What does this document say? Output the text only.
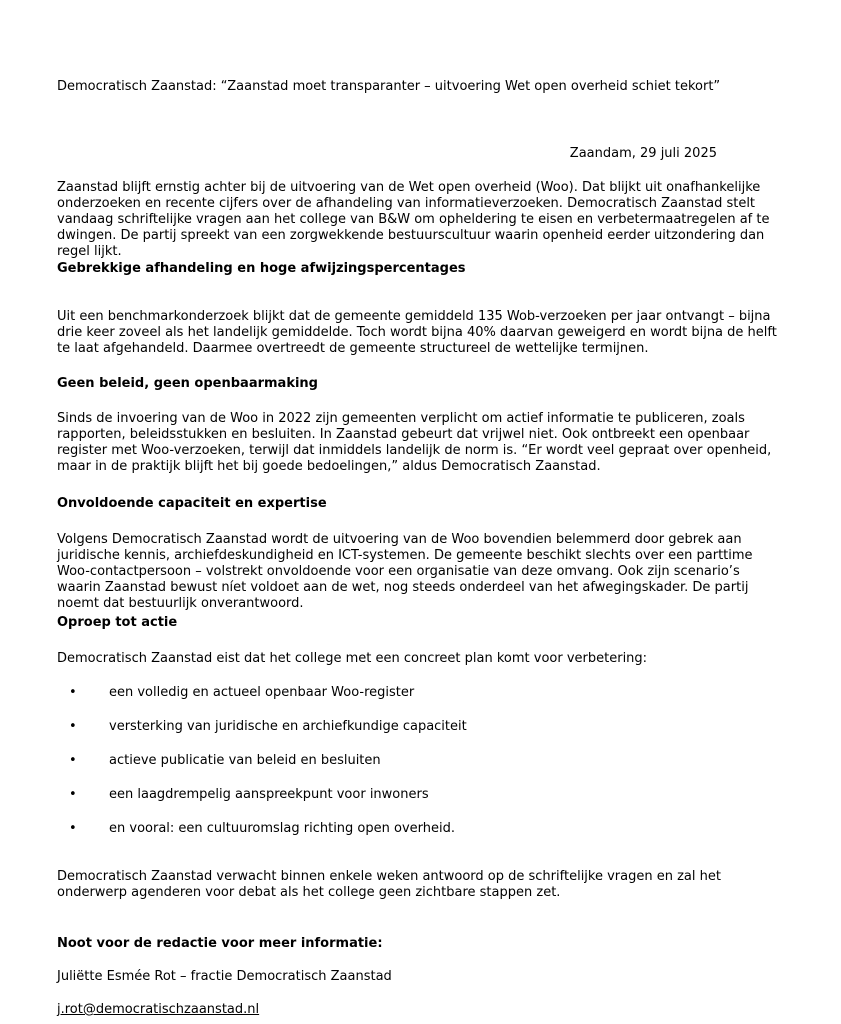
Democratisch Zaanstad: “Zaanstad moet transparanter – uitvoering Wet open overheid schiet tekort”
Zaandam, 29 juli 2025

Zaanstad blijft ernstig achter bij de uitvoering van de Wet open overheid (Woo). Dat blijkt uit onafhankelijke onderzoeken en recente cijfers over de afhandeling van informatieverzoeken. Democratisch Zaanstad stelt vandaag schriftelijke vragen aan het college van B&W om opheldering te eisen en verbetermaatregelen af te dwingen. De partij spreekt van een zorgwekkende bestuurscultuur waarin openheid eerder uitzondering dan regel lijkt.

Gebrekkige afhandeling en hoge afwijzingspercentages

Uit een benchmarkonderzoek blijkt dat de gemeente gemiddeld 135 Wob-verzoeken per jaar ontvangt – bijna drie keer zoveel als het landelijk gemiddelde. Toch wordt bijna 40% daarvan geweigerd en wordt bijna de helft te laat afgehandeld. Daarmee overtreedt de gemeente structureel de wettelijke termijnen.

Geen beleid, geen openbaarmaking

Sinds de invoering van de Woo in 2022 zijn gemeenten verplicht om actief informatie te publiceren, zoals rapporten, beleidsstukken en besluiten. In Zaanstad gebeurt dat vrijwel niet. Ook ontbreekt een openbaar register met Woo-verzoeken, terwijl dat inmiddels landelijk de norm is. “Er wordt veel gepraat over openheid, maar in de praktijk blijft het bij goede bedoelingen,” aldus Democratisch Zaanstad.

Onvoldoende capaciteit en expertise

Volgens Democratisch Zaanstad wordt de uitvoering van de Woo bovendien belemmerd door gebrek aan juridische kennis, archiefdeskundigheid en ICT-systemen. De gemeente beschikt slechts over een parttime Woo-contactpersoon – volstrekt onvoldoende voor een organisatie van deze omvang. Ook zijn scenario’s waarin Zaanstad bewust níet voldoet aan de wet, nog steeds onderdeel van het afwegingskader. De partij noemt dat bestuurlijk onverantwoord.

Oproep tot actie
Democratisch Zaanstad eist dat het college met een concreet plan komt voor verbetering:
• een volledig en actueel openbaar Woo-register
• versterking van juridische en archiefkundige capaciteit
• actieve publicatie van beleid en besluiten
• een laagdrempelig aanspreekpunt voor inwoners
• en vooral: een cultuuromslag richting open overheid.

Democratisch Zaanstad verwacht binnen enkele weken antwoord op de schriftelijke vragen en zal het onderwerp agenderen voor debat als het college geen zichtbare stappen zet.

Noot voor de redactie voor meer informatie:
Juliëtte Esmée Rot – fractie Democratisch Zaanstad
j.rot@democratischzaanstad.nl
